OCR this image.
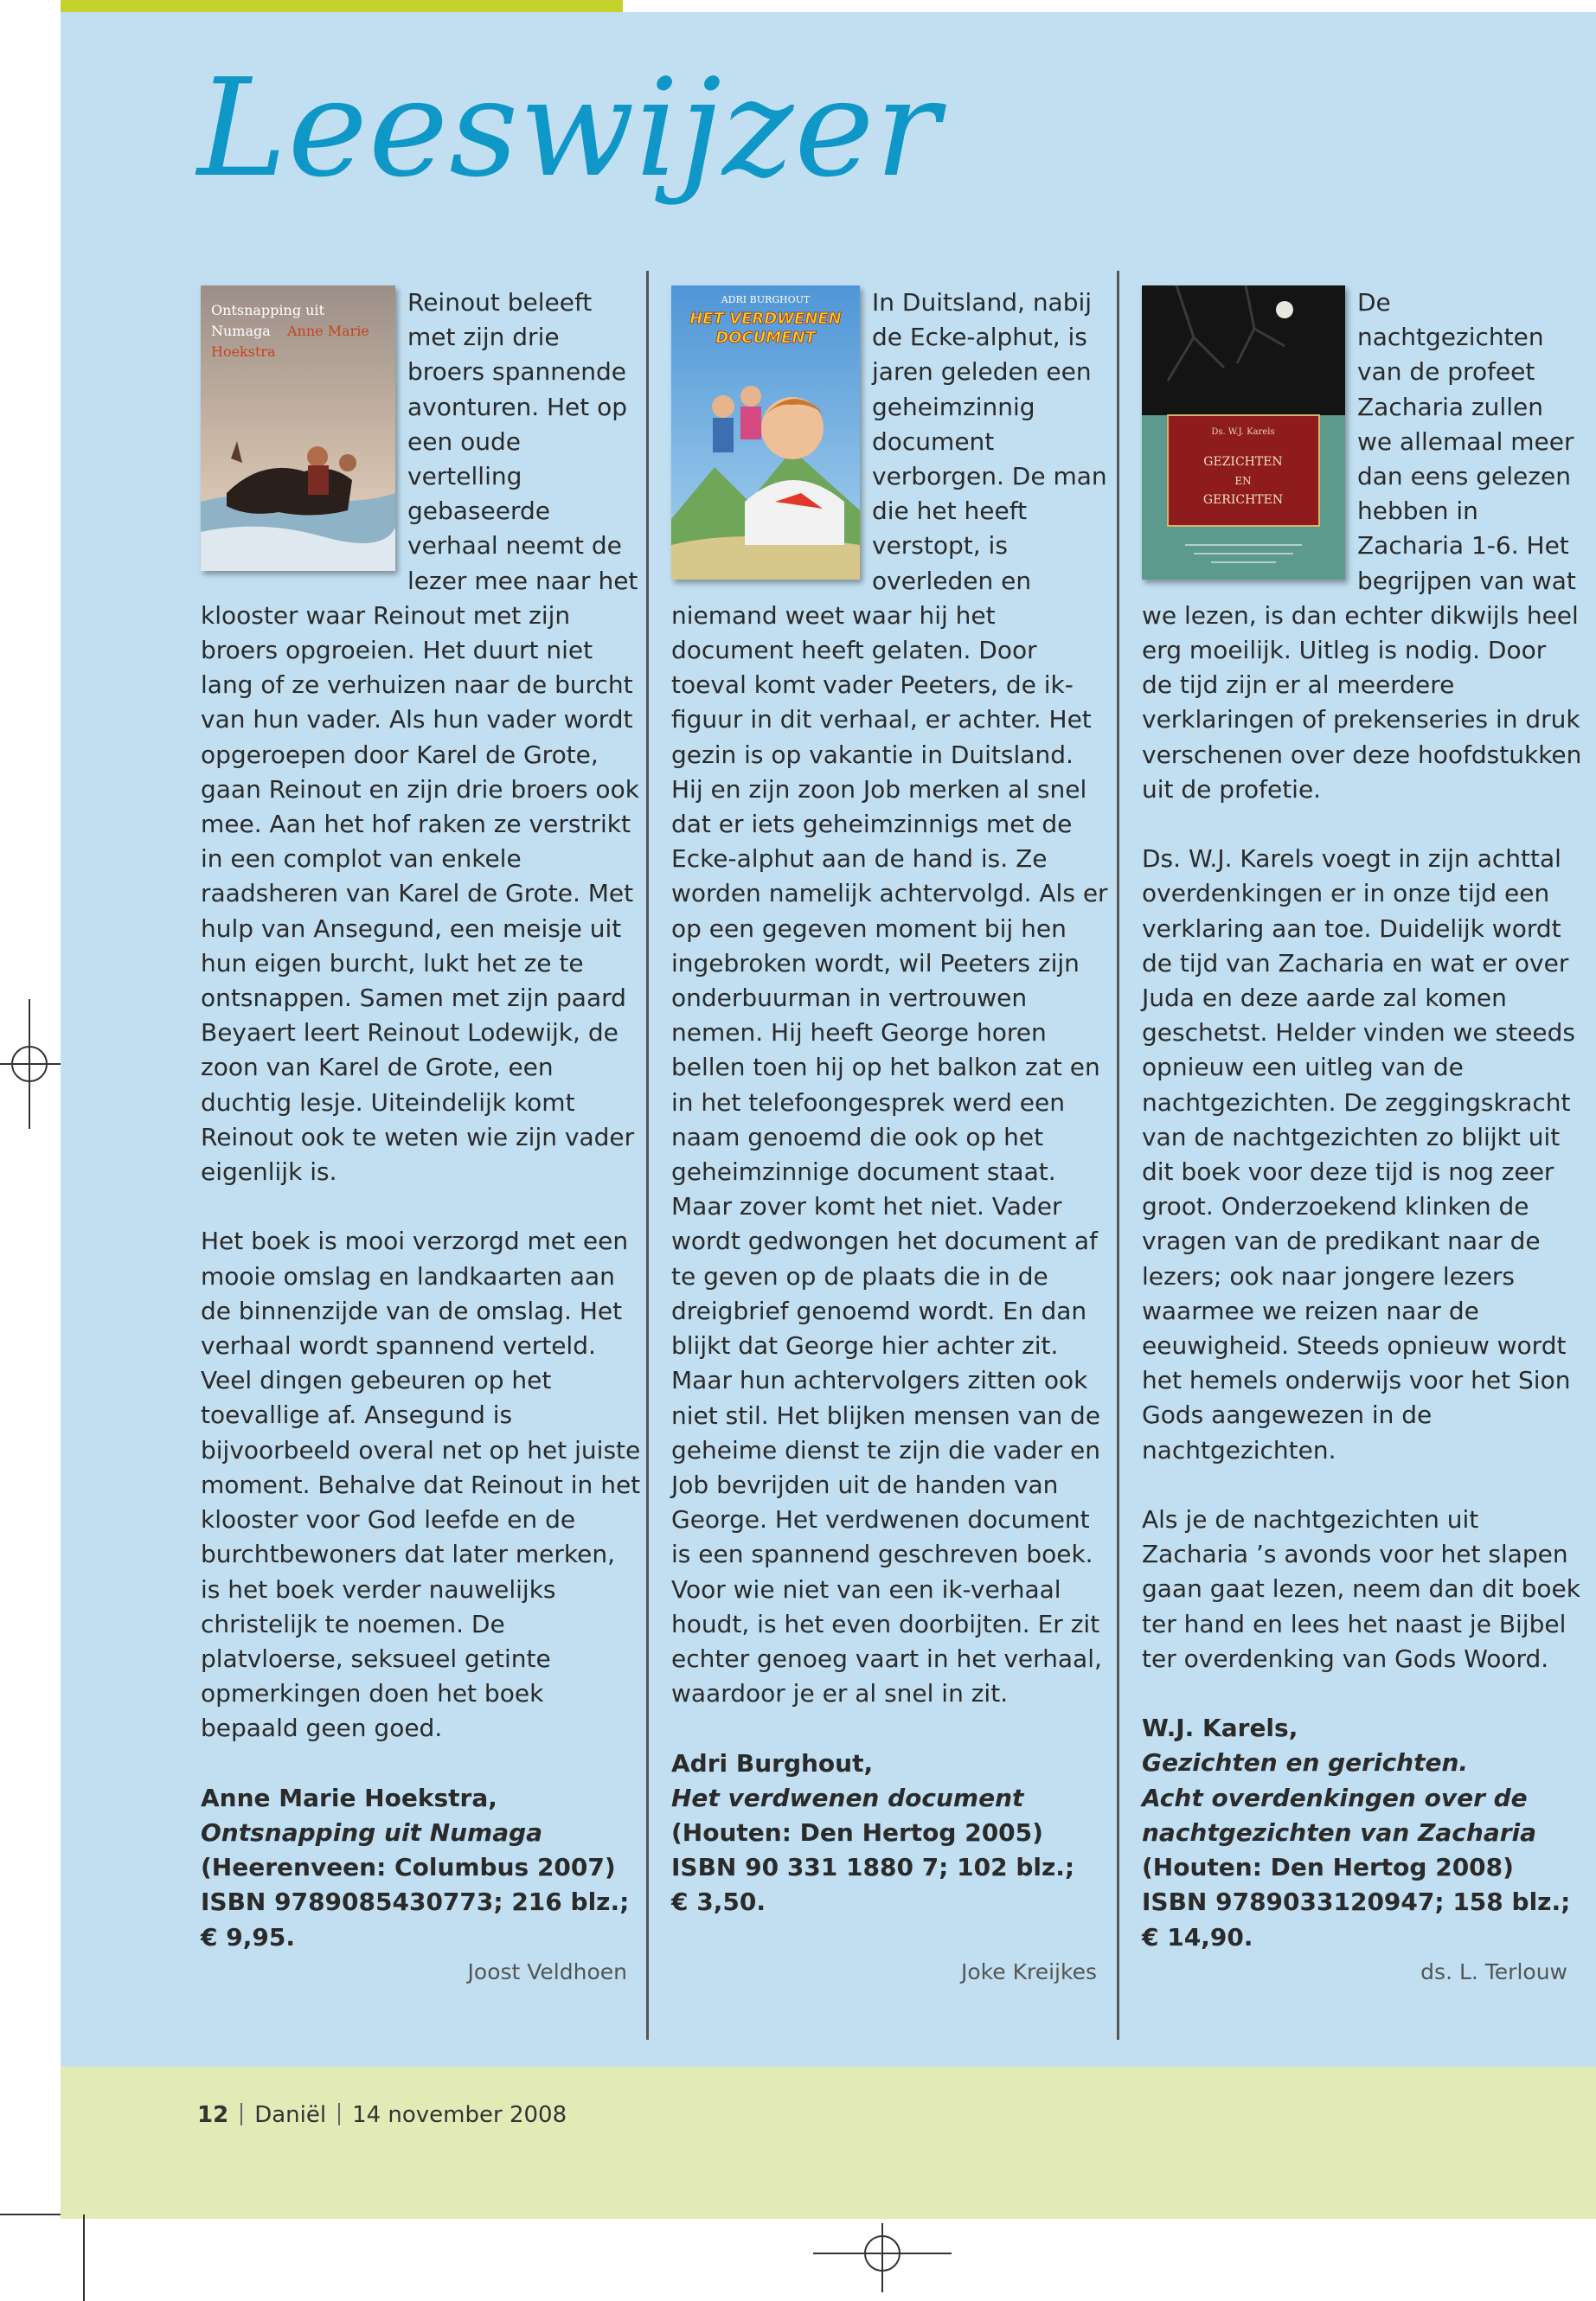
Leeswijzer
Ontsnapping uit
Numaga Anne Marie
Hoekstra

Reinout beleeft met zijn drie broers spannende avonturen. Het op een oude vertelling gebaseerde verhaal neemt de lezer mee naar het klooster waar Reinout met zijn broers opgroeien. Het duurt niet lang of ze verhuizen naar de burcht van hun vader. Als hun vader wordt opgeroepen door Karel de Grote, gaan Reinout en zijn drie broers ook mee. Aan het hof raken ze verstrikt in een complot van enkele raadsheren van Karel de Grote. Met hulp van Ansegund, een meisje uit hun eigen burcht, lukt het ze te ontsnappen. Samen met zijn paard Beyaert leert Reinout Lodewijk, de zoon van Karel de Grote, een duchtig lesje. Uiteindelijk komt Reinout ook te weten wie zijn vader eigenlijk is.

Het boek is mooi verzorgd met een mooie omslag en landkaarten aan de binnenzijde van de omslag. Het verhaal wordt spannend verteld. Veel dingen gebeuren op het toevallige af. Ansegund is bijvoorbeeld overal net op het juiste moment. Behalve dat Reinout in het klooster voor God leefde en de burchtbewoners dat later merken, is het boek verder nauwelijks christelijk te noemen. De platvloerse, seksueel getinte opmerkingen doen het boek bepaald geen goed.

Anne Marie Hoekstra,
Ontsnapping uit Numaga
(Heerenveen: Columbus 2007)
ISBN 9789085430773; 216 blz.;
€ 9,95.
Joost Veldhoen
ADRI BURGHOUT
HET VERDWENEN
DOCUMENT

In Duitsland, nabij de Ecke-alphut, is jaren geleden een geheimzinnig document verborgen. De man die het heeft verstopt, is overleden en niemand weet waar hij het document heeft gelaten. Door toeval komt vader Peeters, de ik-figuur in dit verhaal, er achter. Het gezin is op vakantie in Duitsland. Hij en zijn zoon Job merken al snel dat er iets geheimzinnigs met de Ecke-alphut aan de hand is. Ze worden namelijk achtervolgd. Als er op een gegeven moment bij hen ingebroken wordt, wil Peeters zijn onderbuurman in vertrouwen nemen. Hij heeft George horen bellen toen hij op het balkon zat en in het telefoongesprek werd een naam genoemd die ook op het geheimzinnige document staat. Maar zover komt het niet. Vader wordt gedwongen het document af te geven op de plaats die in de dreigbrief genoemd wordt. En dan blijkt dat George hier achter zit. Maar hun achtervolgers zitten ook niet stil. Het blijken mensen van de geheime dienst te zijn die vader en Job bevrijden uit de handen van George. Het verdwenen document is een spannend geschreven boek. Voor wie niet van een ik-verhaal houdt, is het even doorbijten. Er zit echter genoeg vaart in het verhaal, waardoor je er al snel in zit.

Adri Burghout,
Het verdwenen document
(Houten: Den Hertog 2005)
ISBN 90 331 1880 7; 102 blz.;
€ 3,50.
Joke Kreijkes
Ds. W.J. Karels
GEZICHTEN
EN
GERICHTEN

De nachtgezichten van de profeet Zacharia zullen we allemaal meer dan eens gelezen hebben in Zacharia 1-6. Het begrijpen van wat we lezen, is dan echter dikwijls heel erg moeilijk. Uitleg is nodig. Door de tijd zijn er al meerdere verklaringen of prekenseries in druk verschenen over deze hoofdstukken uit de profetie.

Ds. W.J. Karels voegt in zijn achttal overdenkingen er in onze tijd een verklaring aan toe. Duidelijk wordt de tijd van Zacharia en wat er over Juda en deze aarde zal komen geschetst. Helder vinden we steeds opnieuw een uitleg van de nachtgezichten. De zeggingskracht van de nachtgezichten zo blijkt uit dit boek voor deze tijd is nog zeer groot. Onderzoekend klinken de vragen van de predikant naar de lezers; ook naar jongere lezers waarmee we reizen naar de eeuwigheid. Steeds opnieuw wordt het hemels onderwijs voor het Sion Gods aangewezen in de nachtgezichten.

Als je de nachtgezichten uit Zacharia ’s avonds voor het slapen gaan gaat lezen, neem dan dit boek ter hand en lees het naast je Bijbel ter overdenking van Gods Woord.

W.J. Karels,
Gezichten en gerichten.
Acht overdenkingen over de nachtgezichten van Zacharia
(Houten: Den Hertog 2008)
ISBN 9789033120947; 158 blz.;
€ 14,90.
ds. L. Terlouw
12 Daniël 14 november 2008
